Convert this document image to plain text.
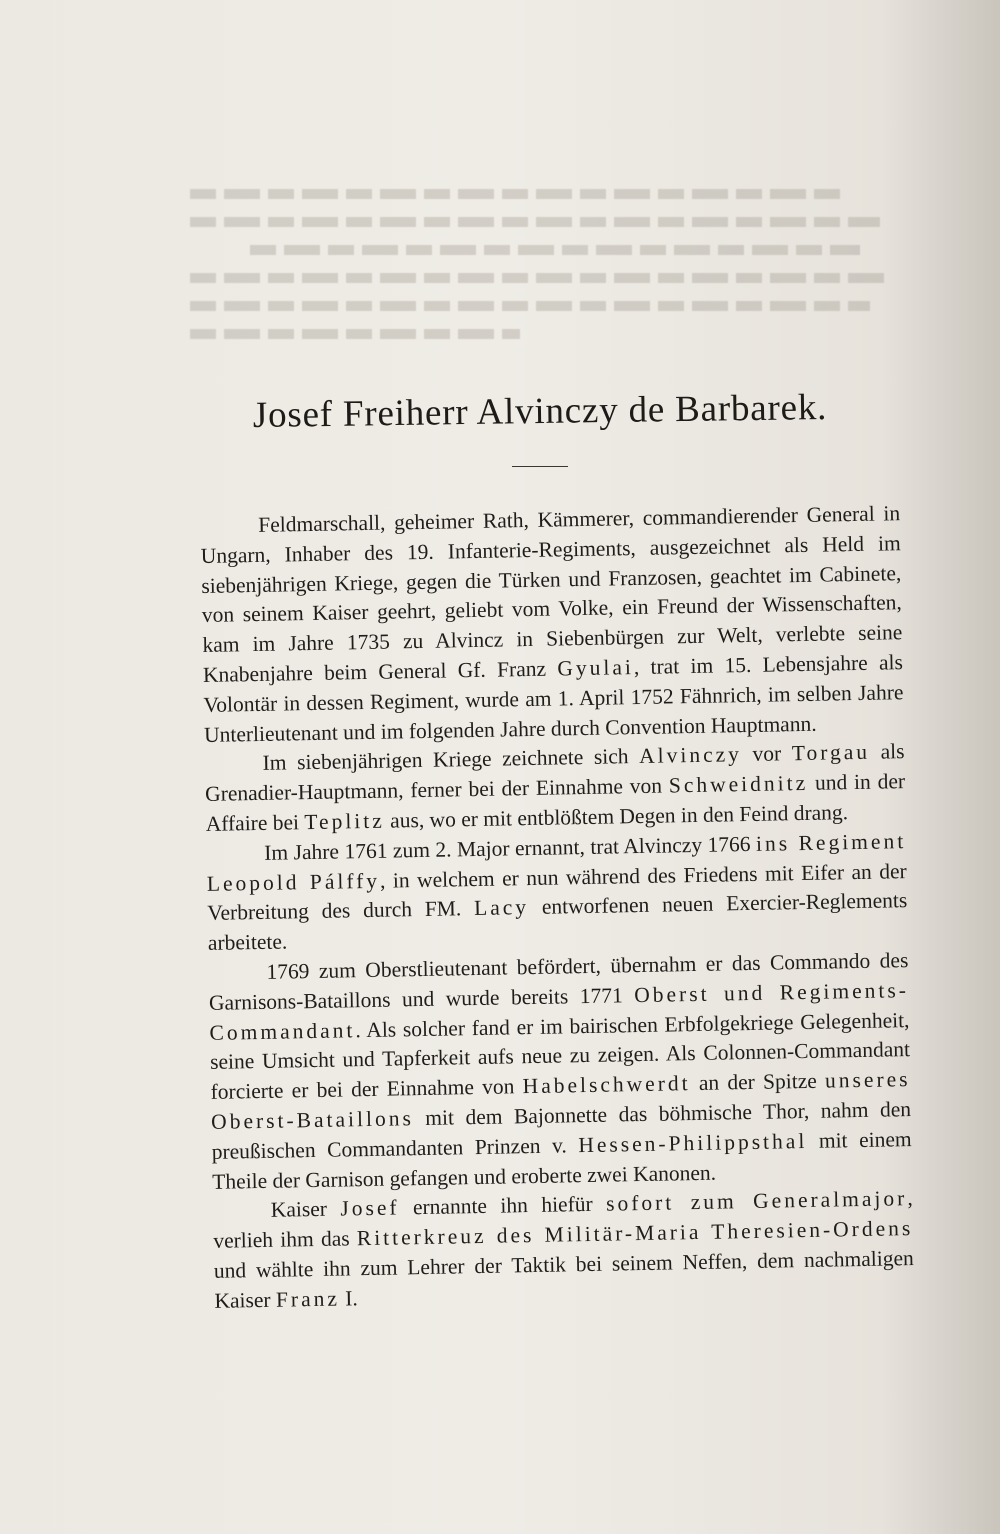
Josef Freiherr Alvinczy de Barbarek.

Feldmarschall, geheimer Rath, Kämmerer, commandierender General in Ungarn, Inhaber des 19. Infanterie-Regiments, ausgezeichnet als Held im siebenjährigen Kriege, gegen die Türken und Franzosen, geachtet im Cabinete, von seinem Kaiser geehrt, geliebt vom Volke, ein Freund der Wissenschaften, kam im Jahre 1735 zu Alvincz in Siebenbürgen zur Welt, verlebte seine Knabenjahre beim General Gf. Franz Gyulai, trat im 15. Lebensjahre als Volontär in dessen Regiment, wurde am 1. April 1752 Fähnrich, im selben Jahre Unterlieutenant und im folgenden Jahre durch Convention Hauptmann.

Im siebenjährigen Kriege zeichnete sich Alvinczy vor Torgau als Grenadier-Hauptmann, ferner bei der Einnahme von Schweidnitz und in der Affaire bei Teplitz aus, wo er mit entblößtem Degen in den Feind drang.

Im Jahre 1761 zum 2. Major ernannt, trat Alvinczy 1766 ins Regiment Leopold Pálffy, in welchem er nun während des Friedens mit Eifer an der Verbreitung des durch FM. Lacy entworfenen neuen Exercier-Reglements arbeitete.

1769 zum Oberstlieutenant befördert, übernahm er das Commando des Garnisons-Bataillons und wurde bereits 1771 Oberst und Regiments-Commandant. Als solcher fand er im bairischen Erbfolgekriege Gelegenheit, seine Umsicht und Tapferkeit aufs neue zu zeigen. Als Colonnen-Commandant forcierte er bei der Einnahme von Habelschwerdt an der Spitze unseres Oberst-Bataillons mit dem Bajonnette das böhmische Thor, nahm den preußischen Commandanten Prinzen v. Hessen-Philippsthal mit einem Theile der Garnison gefangen und eroberte zwei Kanonen.

Kaiser Josef ernannte ihn hiefür sofort zum Generalmajor, verlieh ihm das Ritterkreuz des Militär-Maria Theresien-Ordens und wählte ihn zum Lehrer der Taktik bei seinem Neffen, dem nachmaligen Kaiser Franz I.
